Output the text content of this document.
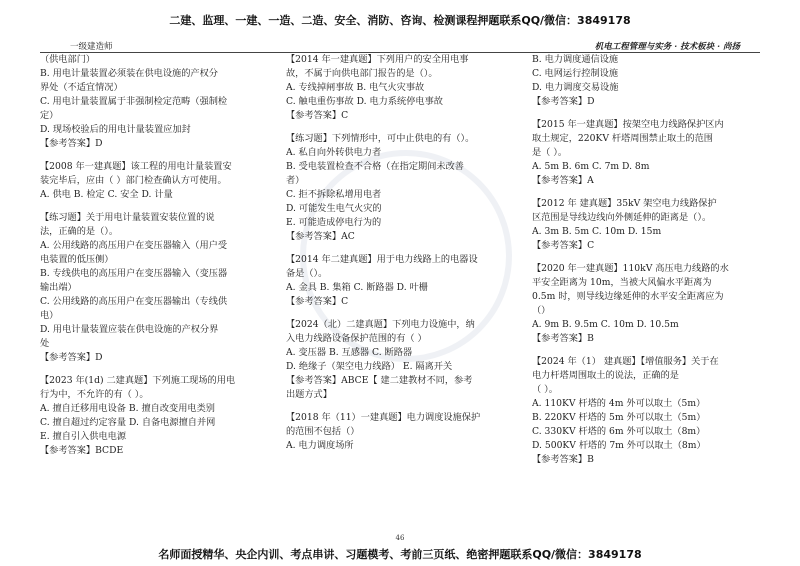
二建、监理、一建、一造、二造、安全、消防、咨询、检测课程押题联系QQ/微信：3849178
一级建造师	机电工程管理与实务 · 技术板块 · 尚扬
（供电部门）
B. 用电计量装置必须装在供电设施的产权分
界处（不适宜情况）
C. 用电计量装置属于非强制检定范畴（强制检
定）
D. 现场校验后的用电计量装置应加封
【参考答案】D
【2008 年一建真题】该工程的用电计量装置安
装完毕后，应由（ ）部门检查确认方可使用。
A. 供电 B. 检定 C. 安全 D. 计量
【练习题】关于用电计量装置安装位置的说
法，正确的是（）。
A. 公用线路的高压用户在变压器输入（用户受
电装置的低压侧）
B. 专线供电的高压用户在变压器输入（变压器
输出端）
C. 公用线路的高压用户在变压器输出（专线供
电）
D. 用电计量装置应装在供电设施的产权分界
处
【参考答案】D
【2023 年(1d) 二建真题】下列施工现场的用电
行为中，不允许的有（ ）。
A. 擅自迁移用电设备 B. 擅自改变用电类别
C. 擅自超过约定容量 D. 自备电源擅自并网
E. 擅自引入供电电源
【参考答案】BCDE
【2014 年一建真题】下列用户的安全用电事
故，不属于向供电部门报告的是（）。
A. 专线掉闸事故 B. 电气火灾事故
C. 触电重伤事故 D. 电力系统停电事故
【参考答案】C
【练习题】下列情形中，可中止供电的有（）。
A. 私自向外转供电力者
B. 受电装置检查不合格（在指定期间未改善
者）
C. 拒不拆除私增用电者
D. 可能发生电气火灾的
E. 可能造成停电行为的
【参考答案】AC
【2014 年二建真题】用于电力线路上的电器设
备是（）。
A. 金具 B. 集箱 C. 断路器 D. 叶栅
【参考答案】C
【2024（北）二建真题】下列电力设施中，纳
入电力线路设备保护范围的有（ ）
A. 变压器 B. 互感器 C. 断路器
D. 绝缘子（架空电力线路） E. 隔离开关
【参考答案】ABCE【 建二建教材不同，参考
出题方式】
【2018 年（11）一建真题】电力调度设施保护
的范围不包括（）
A. 电力调度场所
B. 电力调度通信设施
C. 电网运行控制设施
D. 电力调度交易设施
【参考答案】D
【2015 年一建真题】按架空电力线路保护区内
取土规定，220KV 杆塔周围禁止取土的范围
是（ ）。
A. 5m B. 6m C. 7m D. 8m
【参考答案】A
【2012 年 建真题】35kV 架空电力线路保护
区范围是导线边线向外侧延伸的距离是（）。
A. 3m B. 5m C. 10m D. 15m
【参考答案】C
【2020 年一建真题】110kV 高压电力线路的水
平安全距离为 10m，当被大风偏水平距离为
0.5m 时，则导线边缘延伸的水平安全距离应为
（）
A. 9m B. 9.5m C. 10m D. 10.5m
【参考答案】B
【2024 年（1） 建真题】【增值服务】关于在
电力杆塔周围取土的说法，正确的是
（ ）。
A. 110KV 杆塔的 4m 外可以取土（5m）
B. 220KV 杆塔的 5m 外可以取土（5m）
C. 330KV 杆塔的 6m 外可以取土（8m）
D. 500KV 杆塔的 7m 外可以取土（8m）
【参考答案】B
46
名师面授精华、央企内训、考点串讲、习题模考、考前三页纸、绝密押题联系QQ/微信：3849178
